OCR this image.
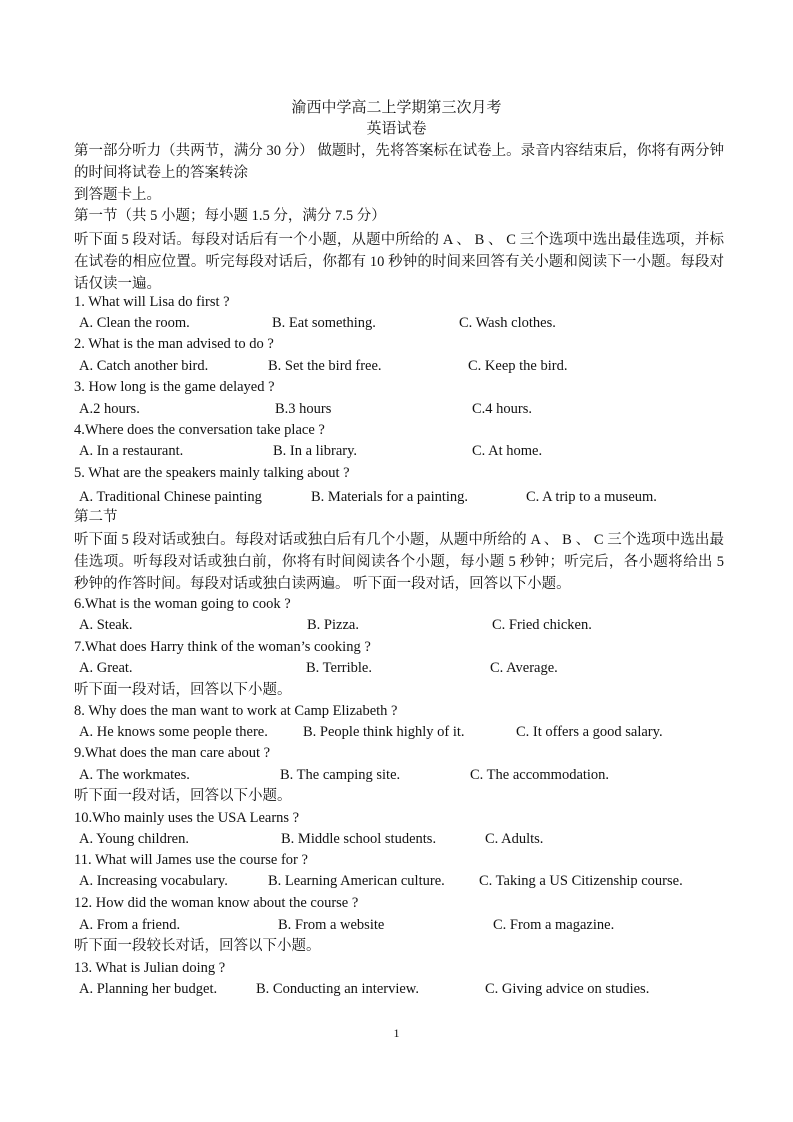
渝西中学高二上学期第三次月考
英语试卷
第一部分听力（共两节，满分 30 分） 做题时，先将答案标在试卷上。录音内容结束后，你将有两分钟的时间将试卷上的答案转涂
到答题卡上。
第一节（共 5 小题；每小题 1.5 分，满分 7.5 分）
听下面 5 段对话。每段对话后有一个小题，从题中所给的 A 、 B 、 C 三个选项中选出最佳选项，并标在试卷的相应位置。听完每段对话后，你都有 10 秒钟的时间来回答有关小题和阅读下一小题。每段对话仅读一遍。
1. What will Lisa do first ?
A. Clean the room.	B. Eat something.	C. Wash clothes.
2. What is the man advised to do ?
A. Catch another bird.	B. Set the bird free.	C. Keep the bird.
3. How long is the game delayed ?
A.2 hours.	B.3 hours	C.4 hours.
4.Where does the conversation take place ?
A. In a restaurant.	B. In a library.	C. At home.
5. What are the speakers mainly talking about ?
A. Traditional Chinese painting	B. Materials for a painting.	C. A trip to a museum.
第二节
听下面 5 段对话或独白。每段对话或独白后有几个小题，从题中所给的 A 、 B 、 C 三个选项中选出最佳选项。听每段对话或独白前，你将有时间阅读各个小题，每小题 5 秒钟；听完后，各小题将给出 5 秒钟的作答时间。每段对话或独白读两遍。 听下面一段对话，回答以下小题。
6.What is the woman going to cook ?
A. Steak.	B. Pizza.	C. Fried chicken.
7.What does Harry think of the woman’s cooking ?
A. Great.	B. Terrible.	C. Average.
听下面一段对话，回答以下小题。
8. Why does the man want to work at Camp Elizabeth ?
A. He knows some people there. B. People think highly of it.	C. It offers a good salary.
9.What does the man care about ?
A. The workmates.	B. The camping site.	C. The accommodation.
听下面一段对话，回答以下小题。
10.Who mainly uses the USA Learns ?
A. Young children.	B. Middle school students.	C. Adults.
11. What will James use the course for ?
A. Increasing vocabulary.	B. Learning American culture. C. Taking a US Citizenship course.
12. How did the woman know about the course ?
A. From a friend.	B. From a website	C. From a magazine.
听下面一段较长对话，回答以下小题。
13. What is Julian doing ?
A. Planning her budget.	B. Conducting an interview.	C. Giving advice on studies.
1
